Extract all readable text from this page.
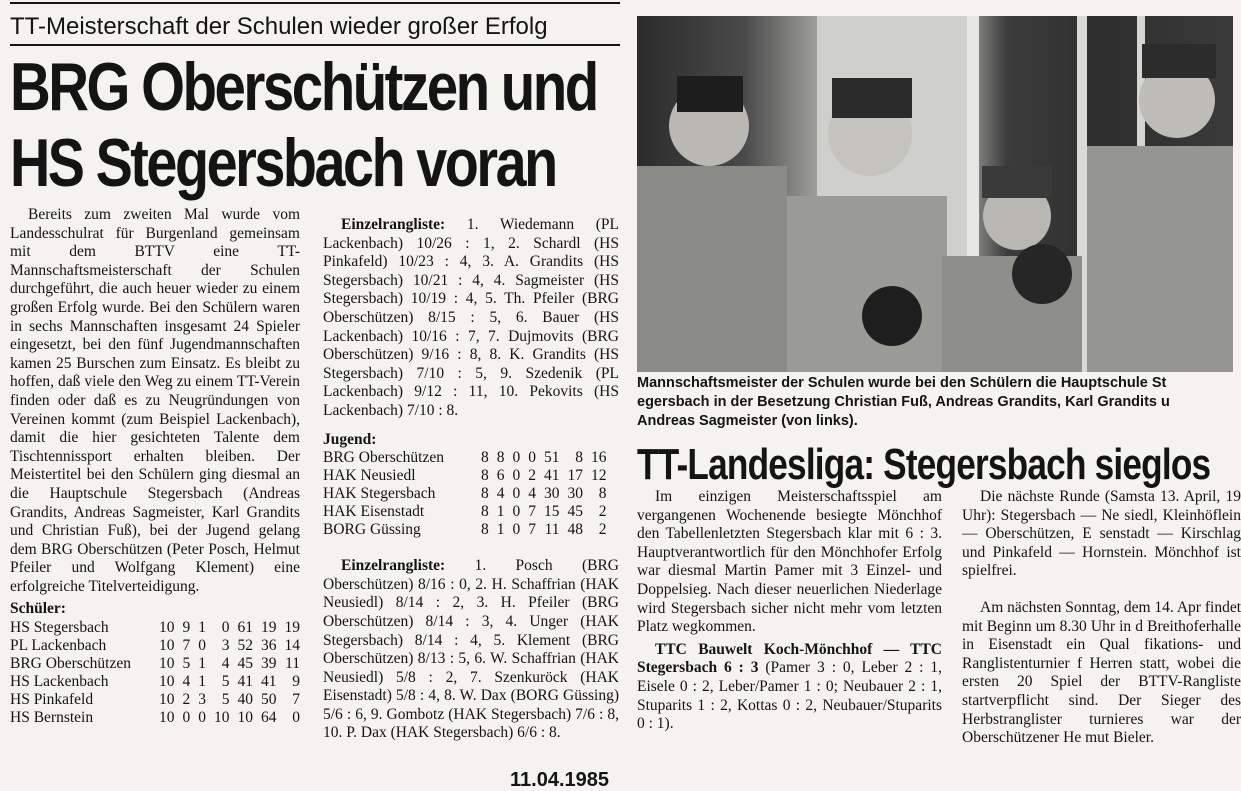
TT-Meisterschaft der Schulen wieder großer Erfolg
BRG Oberschützen und
HS Stegersbach voran

Bereits zum zweiten Mal wurde vom Landesschulrat für Burgenland gemeinsam mit dem BTTV eine TT-Mannschaftsmeisterschaft der Schulen durchgeführt, die auch heuer wieder zu einem großen Erfolg wurde. Bei den Schülern waren in sechs Mannschaften insgesamt 24 Spieler eingesetzt, bei den fünf Jugendmannschaften kamen 25 Burschen zum Einsatz. Es bleibt zu hoffen, daß viele den Weg zu einem TT-Verein finden oder daß es zu Neugründungen von Vereinen kommt (zum Beispiel Lackenbach), damit die hier gesichteten Talente dem Tischtennissport erhalten bleiben. Der Meistertitel bei den Schülern ging diesmal an die Hauptschule Stegersbach (Andreas Grandits, Andreas Sagmeister, Karl Grandits und Christian Fuß), bei der Jugend gelang dem BRG Oberschützen (Peter Posch, Helmut Pfeiler und Wolfgang Klement) eine erfolgreiche Titelverteidigung.

Schüler:
HS Stegersbach	10	9	1	0	61	19	19
PL Lackenbach	10	7	0	3	52	36	14
BRG Oberschützen	10	5	1	4	45	39	11
HS Lackenbach	10	4	1	5	41	41	9
HS Pinkafeld	10	2	3	5	40	50	7
HS Bernstein	10	0	0	10	10	64	0

Einzelrangliste: 1. Wiedemann (PL Lackenbach) 10/26 : 1, 2. Schardl (HS Pinkafeld) 10/23 : 4, 3. A. Grandits (HS Stegersbach) 10/21 : 4, 4. Sagmeister (HS Stegersbach) 10/19 : 4, 5. Th. Pfeiler (BRG Oberschützen) 8/15 : 5, 6. Bauer (HS Lackenbach) 10/16 : 7, 7. Dujmovits (BRG Oberschützen) 9/16 : 8, 8. K. Grandits (HS Stegersbach) 7/10 : 5, 9. Szedenik (PL Lackenbach) 9/12 : 11, 10. Pekovits (HS Lackenbach) 7/10 : 8.

Jugend:
BRG Oberschützen	8	8	0	0	51	8	16
HAK Neusiedl	8	6	0	2	41	17	12
HAK Stegersbach	8	4	0	4	30	30	8
HAK Eisenstadt	8	1	0	7	15	45	2
BORG Güssing	8	1	0	7	11	48	2

Einzelrangliste: 1. Posch (BRG Oberschützen) 8/16 : 0, 2. H. Schaffrian (HAK Neusiedl) 8/14 : 2, 3. H. Pfeiler (BRG Oberschützen) 8/14 : 3, 4. Unger (HAK Stegersbach) 8/14 : 4, 5. Klement (BRG Oberschützen) 8/13 : 5, 6. W. Schaffrian (HAK Neusiedl) 5/8 : 2, 7. Szenkuröck (HAK Eisenstadt) 5/8 : 4, 8. W. Dax (BORG Güssing) 5/6 : 6, 9. Gombotz (HAK Stegersbach) 7/6 : 8, 10. P. Dax (HAK Stegersbach) 6/6 : 8.

Mannschaftsmeister der Schulen wurde bei den Schülern die Hauptschule St
egersbach in der Besetzung Christian Fuß, Andreas Grandits, Karl Grandits u
Andreas Sagmeister (von links).
TT-Landesliga: Stegersbach sieglos

Im einzigen Meisterschaftsspiel am vergangenen Wochenende besiegte Mönchhof den Tabellenletzten Stegersbach klar mit 6 : 3. Hauptverantwortlich für den Mönchhofer Erfolg war diesmal Martin Pamer mit 3 Einzel- und Doppelsieg. Nach dieser neuerlichen Niederlage wird Stegersbach sicher nicht mehr vom letzten Platz wegkommen.

TTC Bauwelt Koch-Mönchhof — TTC Stegersbach 6 : 3 (Pamer 3 : 0, Leber 2 : 1, Eisele 0 : 2, Leber/Pamer 1 : 0; Neubauer 2 : 1, Stuparits 1 : 2, Kottas 0 : 2, Neubauer/Stuparits 0 : 1).

Die nächste Runde (Samsta 13. April, 19 Uhr): Stegersbach — Ne siedl, Kleinhöflein — Oberschützen, E senstadt — Kirschlag und Pinkafeld — Hornstein. Mönchhof ist spielfrei.

Am nächsten Sonntag, dem 14. Apr findet mit Beginn um 8.30 Uhr in d Breithoferhalle in Eisenstadt ein Qual fikations- und Ranglistenturnier f Herren statt, wobei die ersten 20 Spiel der BTTV-Rangliste startverpflicht sind. Der Sieger des Herbstranglister turnieres war der Oberschützener He mut Bieler.

11.04.1985
